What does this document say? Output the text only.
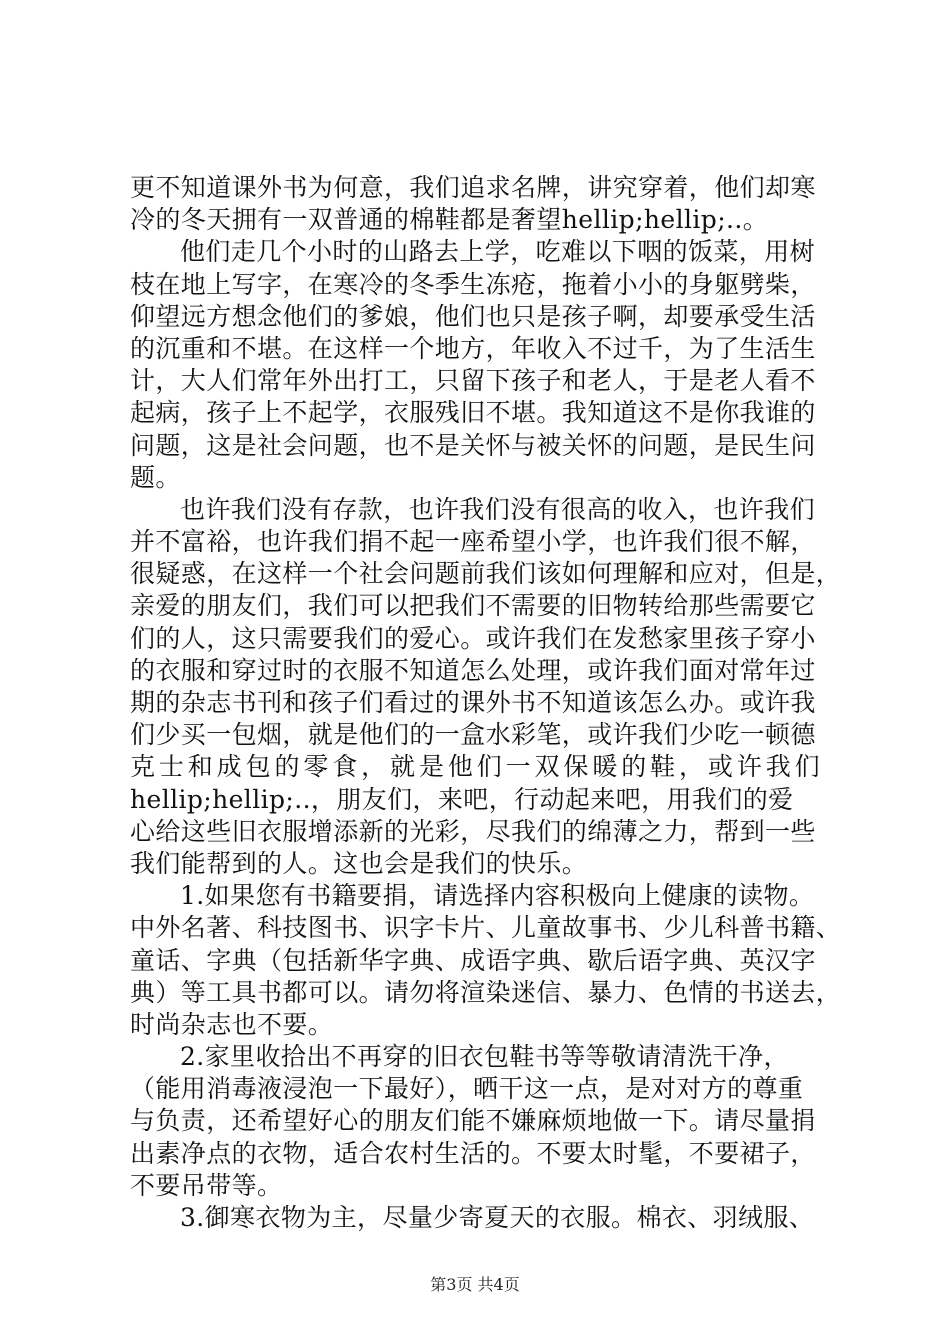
更不知道课外书为何意，我们追求名牌，讲究穿着，他们却寒
冷的冬天拥有一双普通的棉鞋都是奢望hellip;hellip;..。
他们走几个小时的山路去上学，吃难以下咽的饭菜，用树
枝在地上写字，在寒冷的冬季生冻疮，拖着小小的身躯劈柴，
仰望远方想念他们的爹娘，他们也只是孩子啊，却要承受生活
的沉重和不堪。在这样一个地方，年收入不过千，为了生活生
计，大人们常年外出打工，只留下孩子和老人，于是老人看不
起病，孩子上不起学，衣服残旧不堪。我知道这不是你我谁的
问题，这是社会问题，也不是关怀与被关怀的问题，是民生问
题。
也许我们没有存款，也许我们没有很高的收入，也许我们
并不富裕，也许我们捐不起一座希望小学，也许我们很不解，
很疑惑，在这样一个社会问题前我们该如何理解和应对，但是，
亲爱的朋友们，我们可以把我们不需要的旧物转给那些需要它
们的人，这只需要我们的爱心。或许我们在发愁家里孩子穿小
的衣服和穿过时的衣服不知道怎么处理，或许我们面对常年过
期的杂志书刊和孩子们看过的课外书不知道该怎么办。或许我
们少买一包烟，就是他们的一盒水彩笔，或许我们少吃一顿德
克士和成包的零食，就是他们一双保暖的鞋，或许我们
hellip;hellip;..，朋友们，来吧，行动起来吧，用我们的爱
心给这些旧衣服增添新的光彩，尽我们的绵薄之力，帮到一些
我们能帮到的人。这也会是我们的快乐。
1.如果您有书籍要捐，请选择内容积极向上健康的读物。
中外名著、科技图书、识字卡片、儿童故事书、少儿科普书籍、
童话、字典（包括新华字典、成语字典、歇后语字典、英汉字
典）等工具书都可以。请勿将渲染迷信、暴力、色情的书送去，
时尚杂志也不要。
2.家里收拾出不再穿的旧衣包鞋书等等敬请清洗干净，
（能用消毒液浸泡一下最好），晒干这一点，是对对方的尊重
与负责，还希望好心的朋友们能不嫌麻烦地做一下。请尽量捐
出素净点的衣物，适合农村生活的。不要太时髦，不要裙子，
不要吊带等。
3.御寒衣物为主，尽量少寄夏天的衣服。棉衣、羽绒服、
第3页 共4页
